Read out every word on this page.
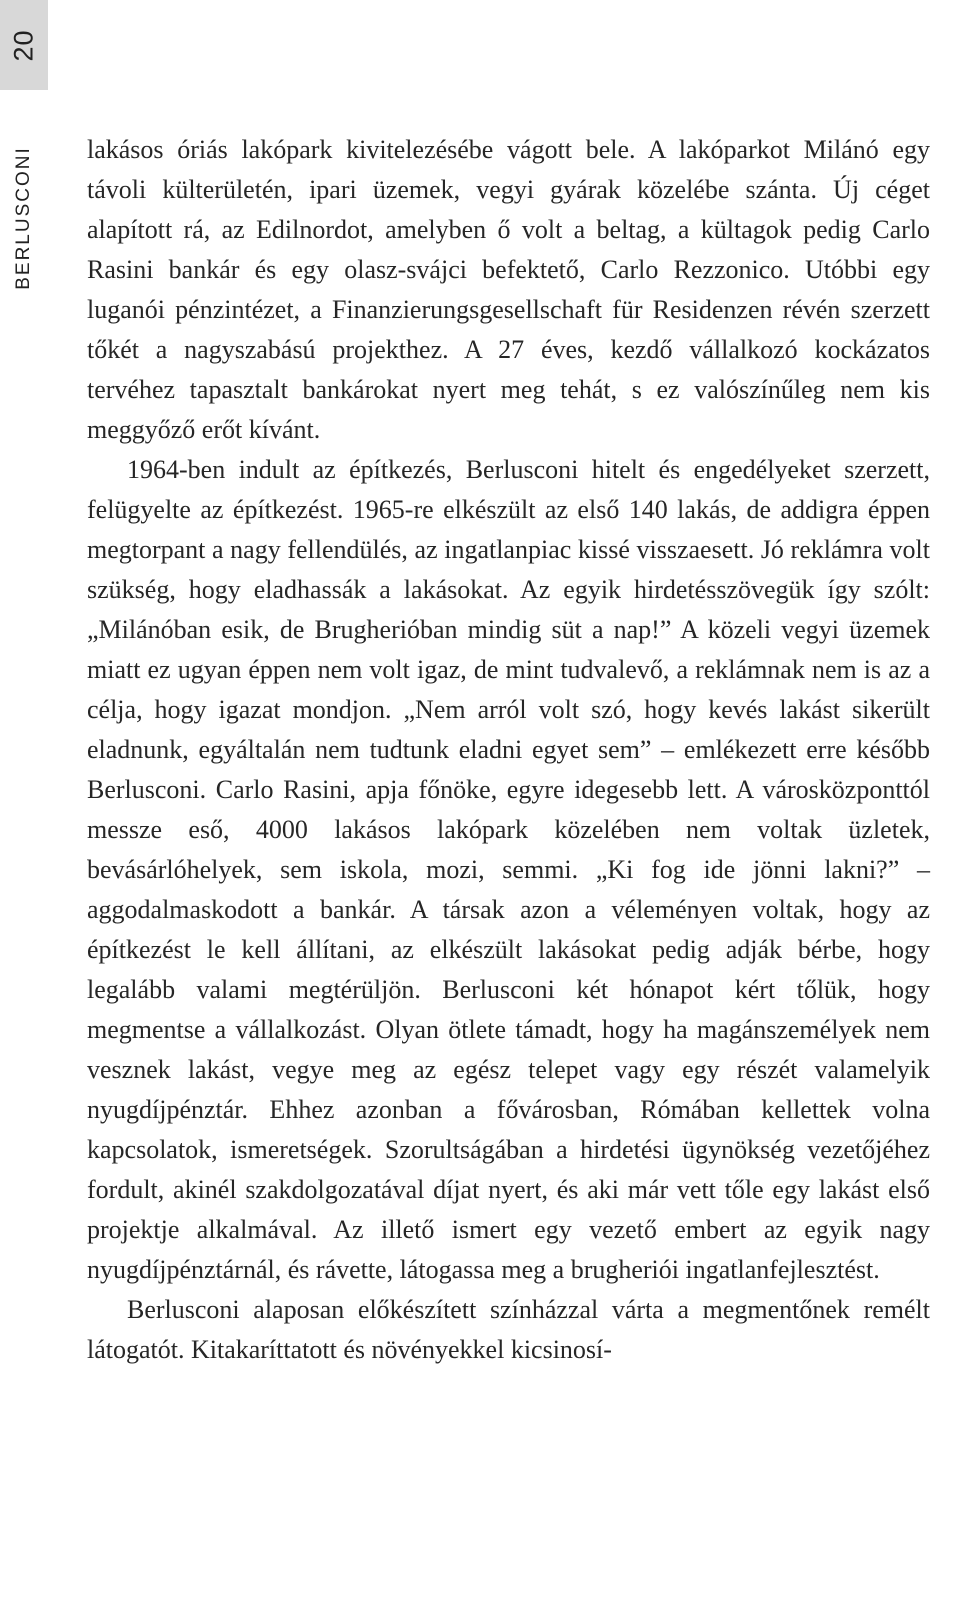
20
BERLUSCONI lakásos óriás lakópark kivitelezésébe vágott bele. A lakóparkot Milánó egy távoli külterületén, ipari üzemek, vegyi gyárak közelébe szánta. Új céget alapított rá, az Edilnordot, amelyben ő volt a beltag, a kültagok pedig Carlo Rasini bankár és egy olasz-svájci befektető, Carlo Rezzonico. Utóbbi egy luganói pénzintézet, a Finanzierungsgesellschaft für Residenzen révén szerzett tőkét a nagyszabású projekthez. A 27 éves, kezdő vállalkozó kockázatos tervéhez tapasztalt bankárokat nyert meg tehát, s ez valószínűleg nem kis meggyőző erőt kívánt.

1964-ben indult az építkezés, Berlusconi hitelt és engedélyeket szerzett, felügyelte az építkezést. 1965-re elkészült az első 140 lakás, de addigra éppen megtorpant a nagy fellendülés, az ingatlanpiac kissé visszaesett. Jó reklámra volt szükség, hogy eladhassák a lakásokat. Az egyik hirdetésszövegük így szólt: „Milánóban esik, de Brugherióban mindig süt a nap!” A közeli vegyi üzemek miatt ez ugyan éppen nem volt igaz, de mint tudvalevő, a reklámnak nem is az a célja, hogy igazat mondjon. „Nem arról volt szó, hogy kevés lakást sikerült eladnunk, egyáltalán nem tudtunk eladni egyet sem” – emlékezett erre később Berlusconi. Carlo Rasini, apja főnöke, egyre idegesebb lett. A városközponttól messze eső, 4000 lakásos lakópark közelében nem voltak üzletek, bevásárlóhelyek, sem iskola, mozi, semmi. „Ki fog ide jönni lakni?” – aggodalmaskodott a bankár. A társak azon a véleményen voltak, hogy az építkezést le kell állítani, az elkészült lakásokat pedig adják bérbe, hogy legalább valami megtérüljön. Berlusconi két hónapot kért tőlük, hogy megmentse a vállalkozást. Olyan ötlete támadt, hogy ha magánszemélyek nem vesznek lakást, vegye meg az egész telepet vagy egy részét valamelyik nyugdíjpénztár. Ehhez azonban a fővárosban, Rómában kellettek volna kapcsolatok, ismeretségek. Szorultságában a hirdetési ügynökség vezetőjéhez fordult, akinél szakdolgozatával díjat nyert, és aki már vett tőle egy lakást első projektje alkalmával. Az illető ismert egy vezető embert az egyik nagy nyugdíjpénztárnál, és rávette, látogassa meg a brugheriói ingatlanfejlesztést.

Berlusconi alaposan előkészített színházzal várta a megmentőnek remélt látogatót. Kitakaríttatott és növényekkel kicsinosí-
